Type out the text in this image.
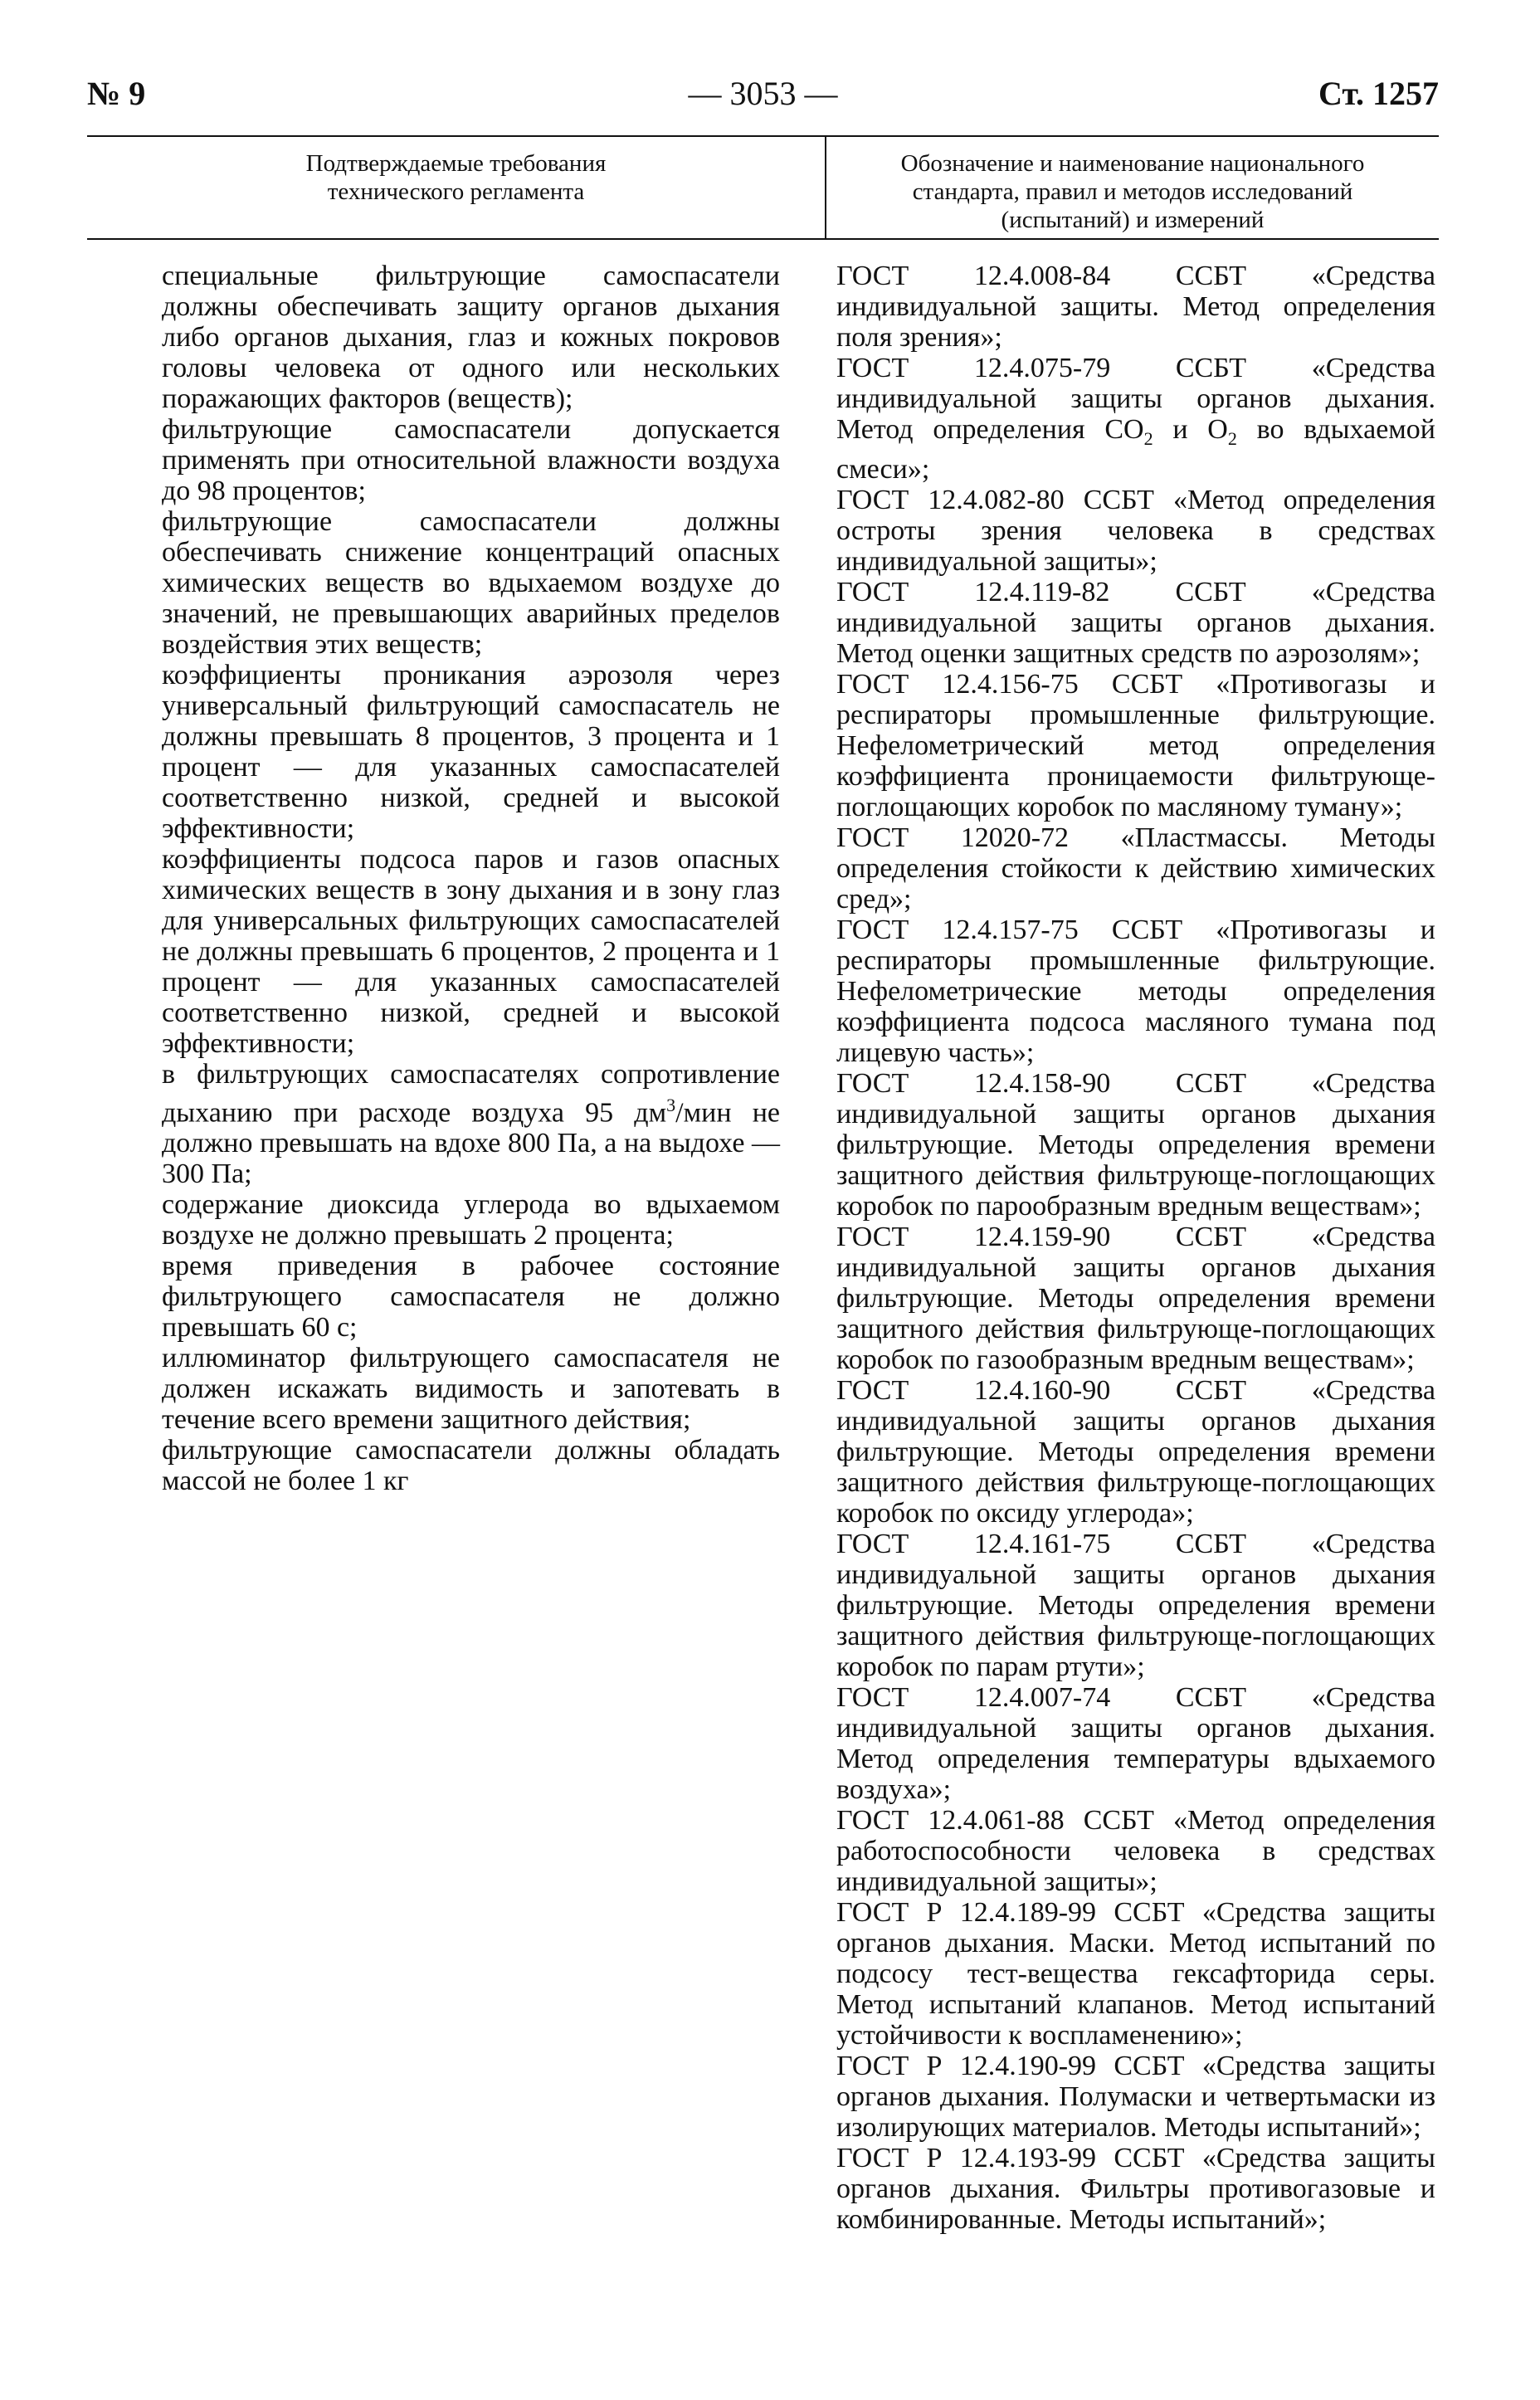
№ 9	— 3053 —	Ст. 1257
Подтверждаемые требования
технического регламента
Обозначение и наименование национального
стандарта, правил и методов исследований
(испытаний) и измерений

специальные фильтрующие самоспасатели должны обеспечивать защиту органов дыхания либо органов дыхания, глаз и кожных покровов головы человека от одного или нескольких поражающих факторов (веществ);

фильтрующие самоспасатели допускается применять при относительной влажности воздуха до 98 процентов;

фильтрующие самоспасатели должны обеспечивать снижение концентраций опасных химических веществ во вдыхаемом воздухе до значений, не превышающих аварийных пределов воздействия этих веществ;

коэффициенты проникания аэрозоля через универсальный фильтрующий самоспасатель не должны превышать 8 процентов, 3 процента и 1 процент — для указанных самоспасателей соответственно низкой, средней и высокой эффективности;

коэффициенты подсоса паров и газов опасных химических веществ в зону дыхания и в зону глаз для универсальных фильтрующих самоспасателей не должны превышать 6 процентов, 2 процента и 1 процент — для указанных самоспасателей соответственно низкой, средней и высокой эффективности;

в фильтрующих самоспасателях сопротивление дыханию при расходе воздуха 95 $дм^3$/мин не должно превышать на вдохе 800 Па, а на выдохе — 300 Па;

содержание диоксида углерода во вдыхаемом воздухе не должно превышать 2 процента;

время приведения в рабочее состояние фильтрующего самоспасателя не должно превышать 60 с;

иллюминатор фильтрующего самоспасателя не должен искажать видимость и запотевать в течение всего времени защитного действия;

фильтрующие самоспасатели должны обладать массой не более 1 кг

ГОСТ 12.4.008-84 ССБТ «Средства индивидуальной защиты. Метод определения поля зрения»;

ГОСТ 12.4.075-79 ССБТ «Средства индивидуальной защиты органов дыхания. Метод определения $СО_2$ и $О_2$ во вдыхаемой смеси»;

ГОСТ 12.4.082-80 ССБТ «Метод определения остроты зрения человека в средствах индивидуальной защиты»;

ГОСТ 12.4.119-82 ССБТ «Средства индивидуальной защиты органов дыхания. Метод оценки защитных средств по аэрозолям»;

ГОСТ 12.4.156-75 ССБТ «Противогазы и респираторы промышленные фильтрующие. Нефелометрический метод определения коэффициента проницаемости фильтрующе-поглощающих коробок по масляному туману»;

ГОСТ 12020-72 «Пластмассы. Методы определения стойкости к действию химических сред»;

ГОСТ 12.4.157-75 ССБТ «Противогазы и респираторы промышленные фильтрующие. Нефелометрические методы определения коэффициента подсоса масляного тумана под лицевую часть»;

ГОСТ 12.4.158-90 ССБТ «Средства индивидуальной защиты органов дыхания фильтрующие. Методы определения времени защитного действия фильтрующе-поглощающих коробок по парообразным вредным веществам»;

ГОСТ 12.4.159-90 ССБТ «Средства индивидуальной защиты органов дыхания фильтрующие. Методы определения времени защитного действия фильтрующе-поглощающих коробок по газообразным вредным веществам»;

ГОСТ 12.4.160-90 ССБТ «Средства индивидуальной защиты органов дыхания фильтрующие. Методы определения времени защитного действия фильтрующе-поглощающих коробок по оксиду углерода»;

ГОСТ 12.4.161-75 ССБТ «Средства индивидуальной защиты органов дыхания фильтрующие. Методы определения времени защитного действия фильтрующе-поглощающих коробок по парам ртути»;

ГОСТ 12.4.007-74 ССБТ «Средства индивидуальной защиты органов дыхания. Метод определения температуры вдыхаемого воздуха»;

ГОСТ 12.4.061-88 ССБТ «Метод определения работоспособности человека в средствах индивидуальной защиты»;

ГОСТ Р 12.4.189-99 ССБТ «Средства защиты органов дыхания. Маски. Метод испытаний по подсосу тест-вещества гексафторида серы. Метод испытаний клапанов. Метод испытаний устойчивости к воспламенению»;

ГОСТ Р 12.4.190-99 ССБТ «Средства защиты органов дыхания. Полумаски и четвертьмаски из изолирующих материалов. Методы испытаний»;

ГОСТ Р 12.4.193-99 ССБТ «Средства защиты органов дыхания. Фильтры противогазовые и комбинированные. Методы испытаний»;
